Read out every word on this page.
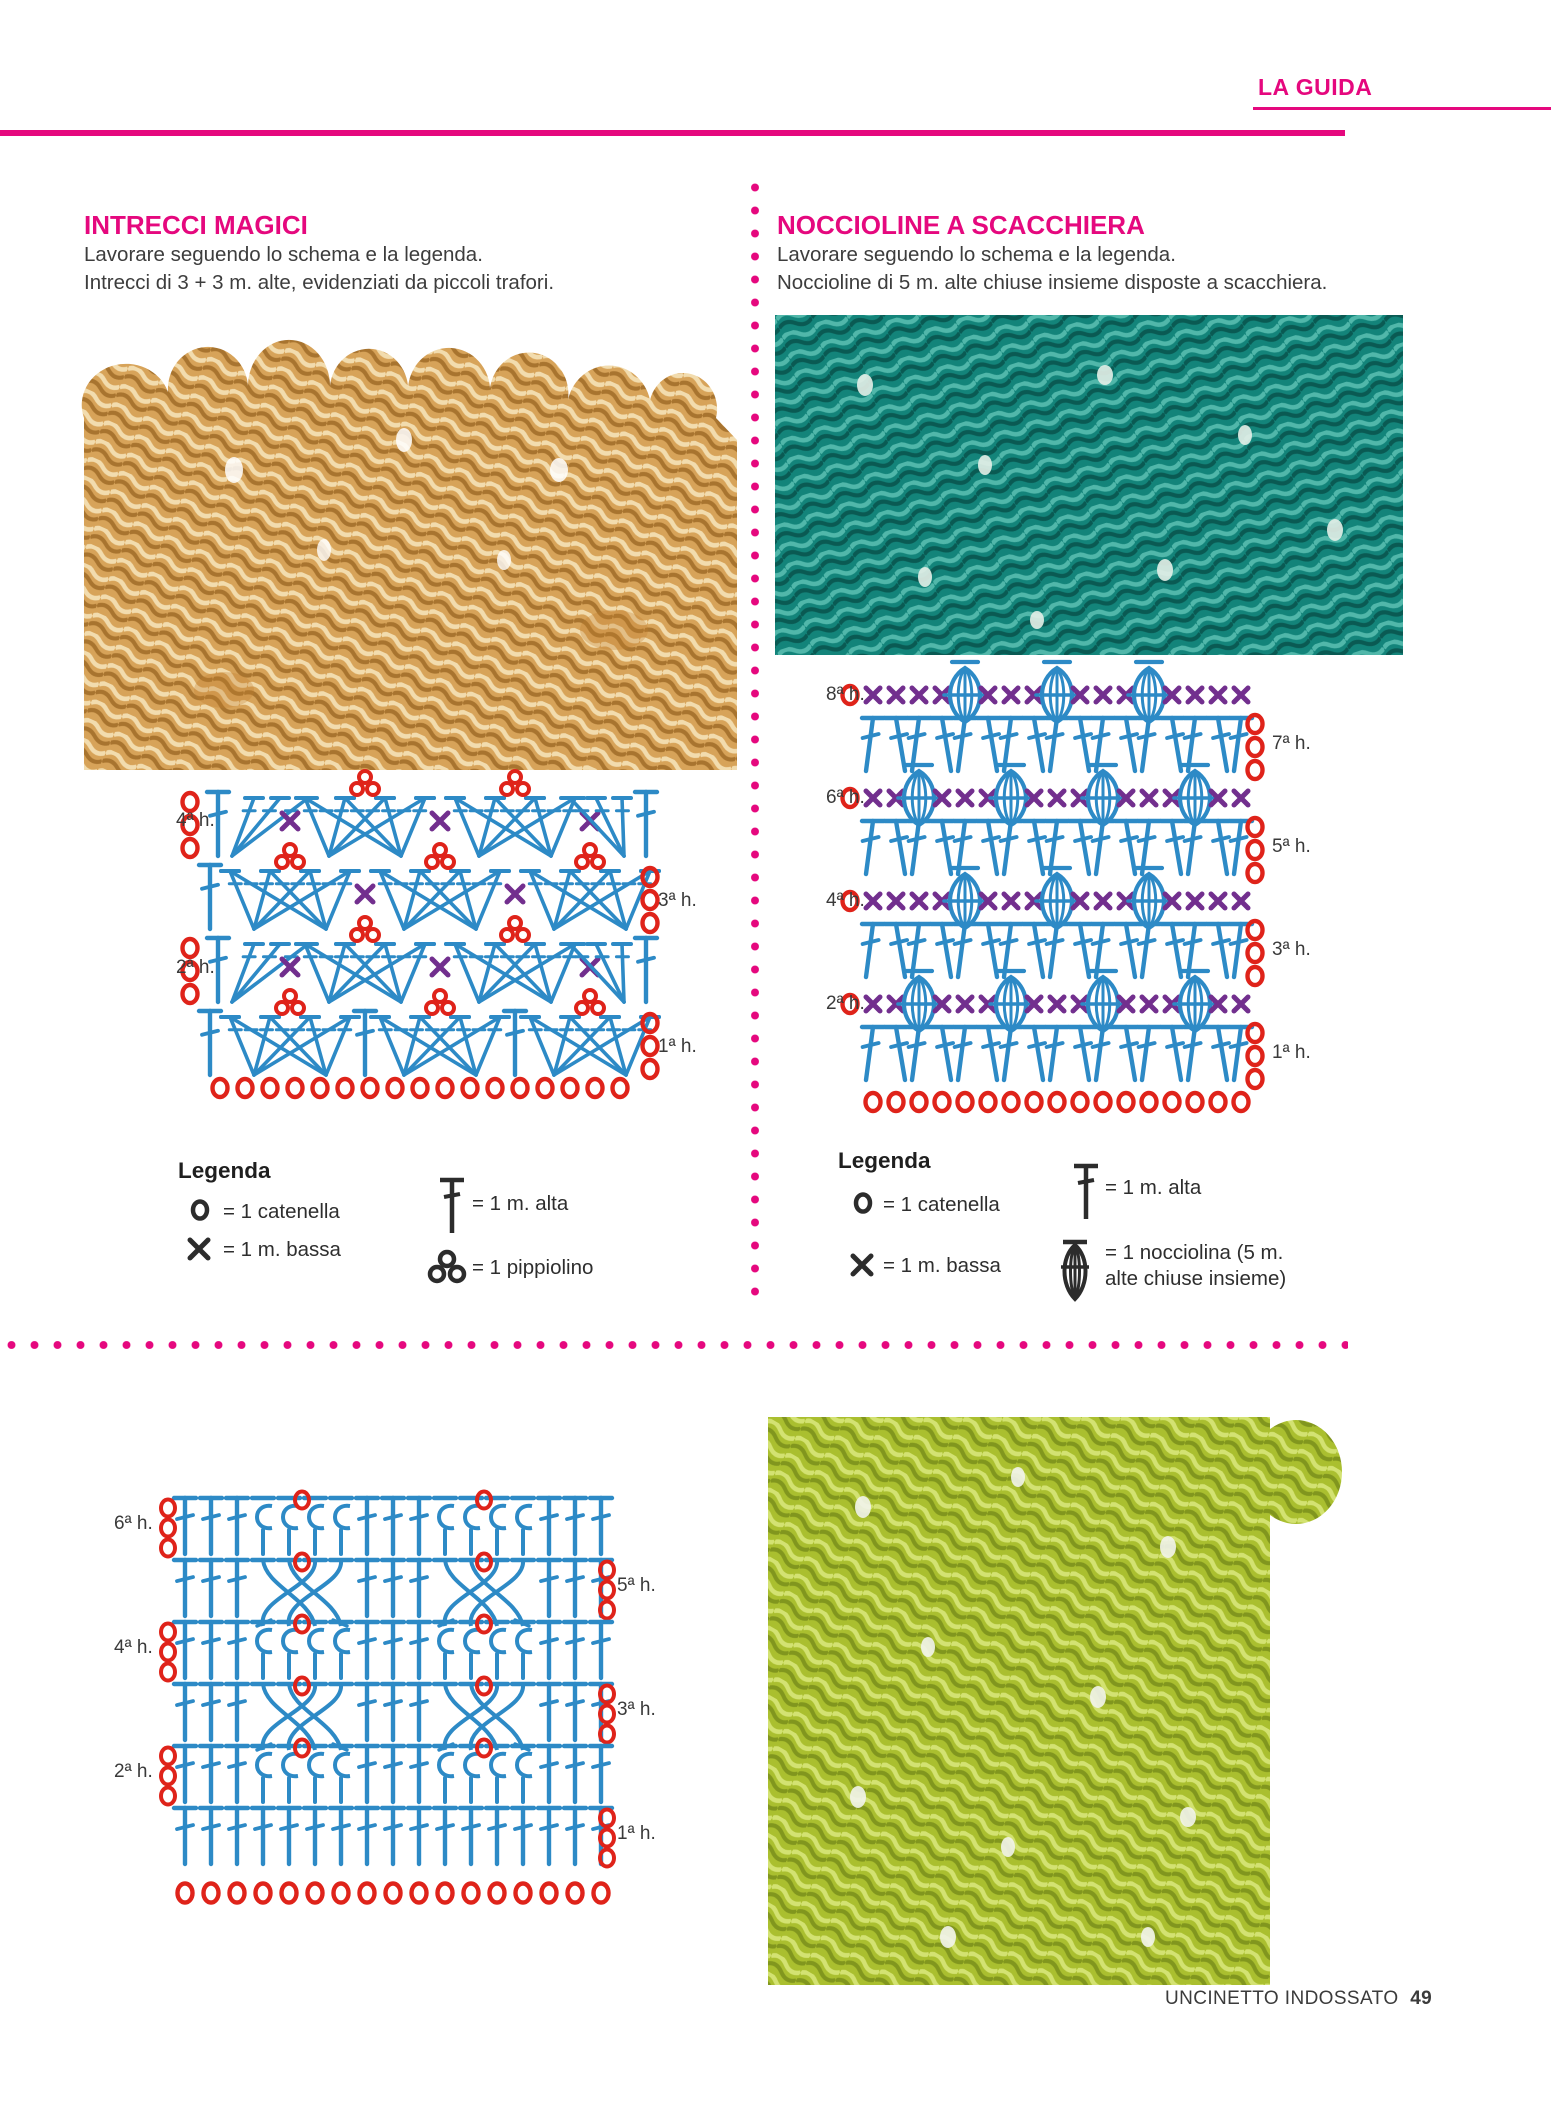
LA GUIDA
INTRECCI MAGICI
Lavorare seguendo lo schema e la legenda.
Intrecci di 3 + 3 m. alte, evidenziati da piccoli trafori.
4ª h.
2ª h.
3ª h.
1ª h.
Legenda
= 1 catenella
= 1 m. bassa
= 1 m. alta
= 1 pippiolino
NOCCIOLINE A SCACCHIERA
Lavorare seguendo lo schema e la legenda.
Noccioline di 5 m. alte chiuse insieme disposte a scacchiera.
8ª h.
6ª h.
4ª h.
2ª h.
7ª h.
5ª h.
3ª h.
1ª h.
Legenda
= 1 catenella
= 1 m. bassa
= 1 m. alta
= 1 nocciolina (5 m. alte chiuse insieme)
6ª h.
4ª h.
2ª h.
5ª h.
3ª h.
1ª h.
UNCINETTO INDOSSATO 49
